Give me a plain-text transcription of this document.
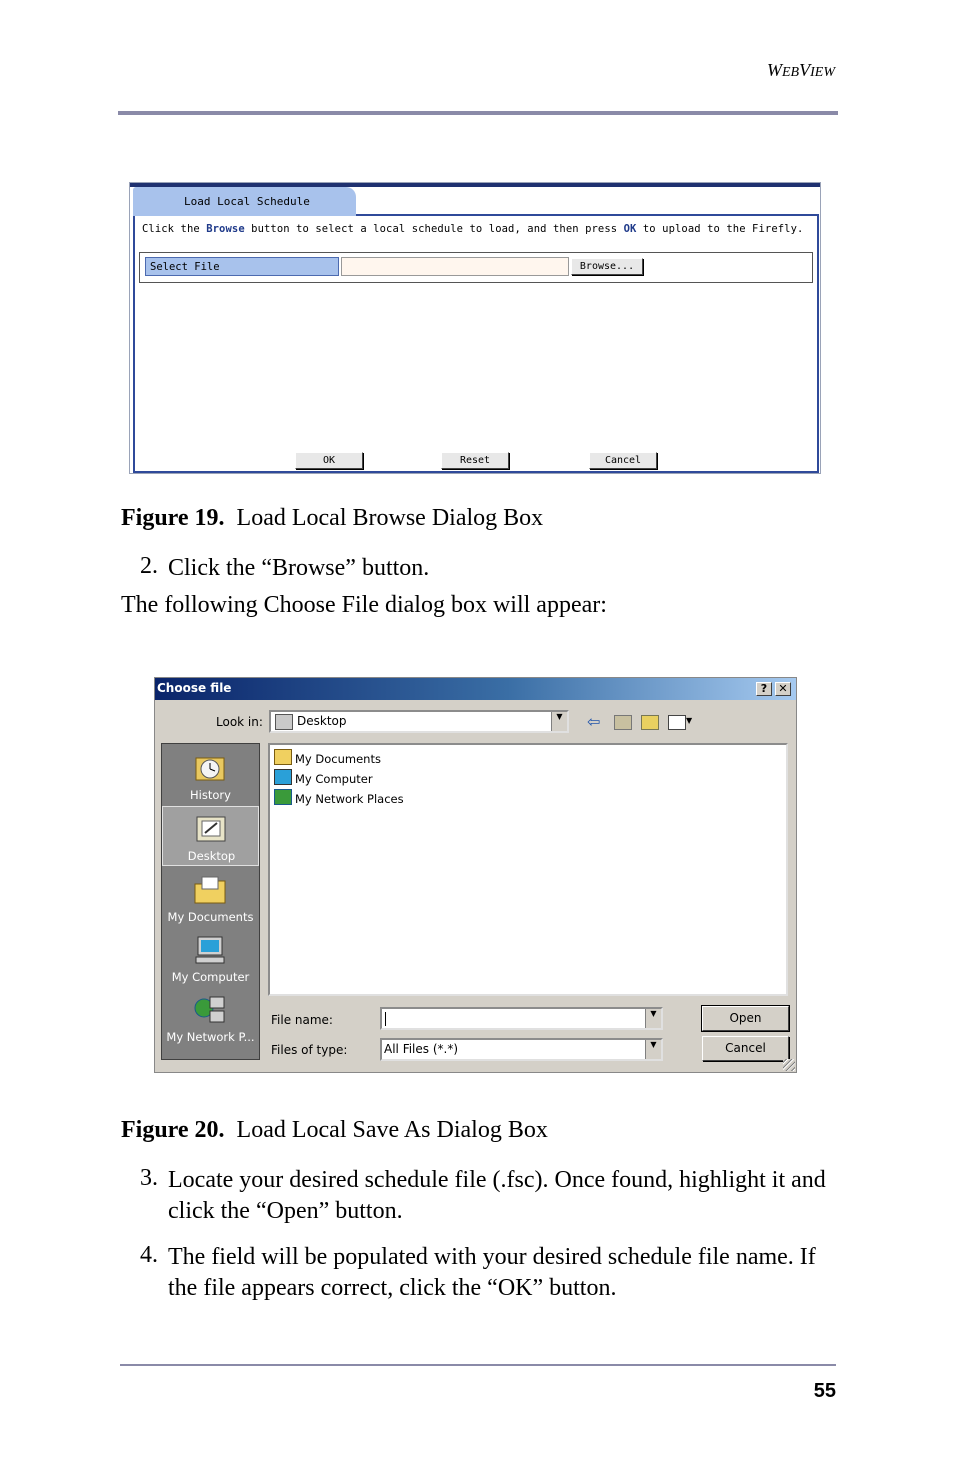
WEBVIEW
Load Local Schedule
Click the Browse button to select a local schedule to load, and then press OK to upload to the Firefly.
Select File	Browse...
OK	Reset	Cancel
Figure 19. Load Local Browse Dialog Box
2. Click the “Browse” button.
The following Choose File dialog box will appear:
Choose file	?	✕
Look in:	Desktop	▼ ⇦	▼
History
Desktop
My Documents
My Computer
My Network P...
My Documents
My Computer
My Network Places
File name:	▼
Files of type:	All Files (*.*)	▼
Open
Cancel
Figure 20. Load Local Save As Dialog Box
3. Locate your desired schedule file (.fsc). Once found, highlight it and click the “Open” button.
4. The field will be populated with your desired schedule file name. If the file appears correct, click the “OK” button.
55
